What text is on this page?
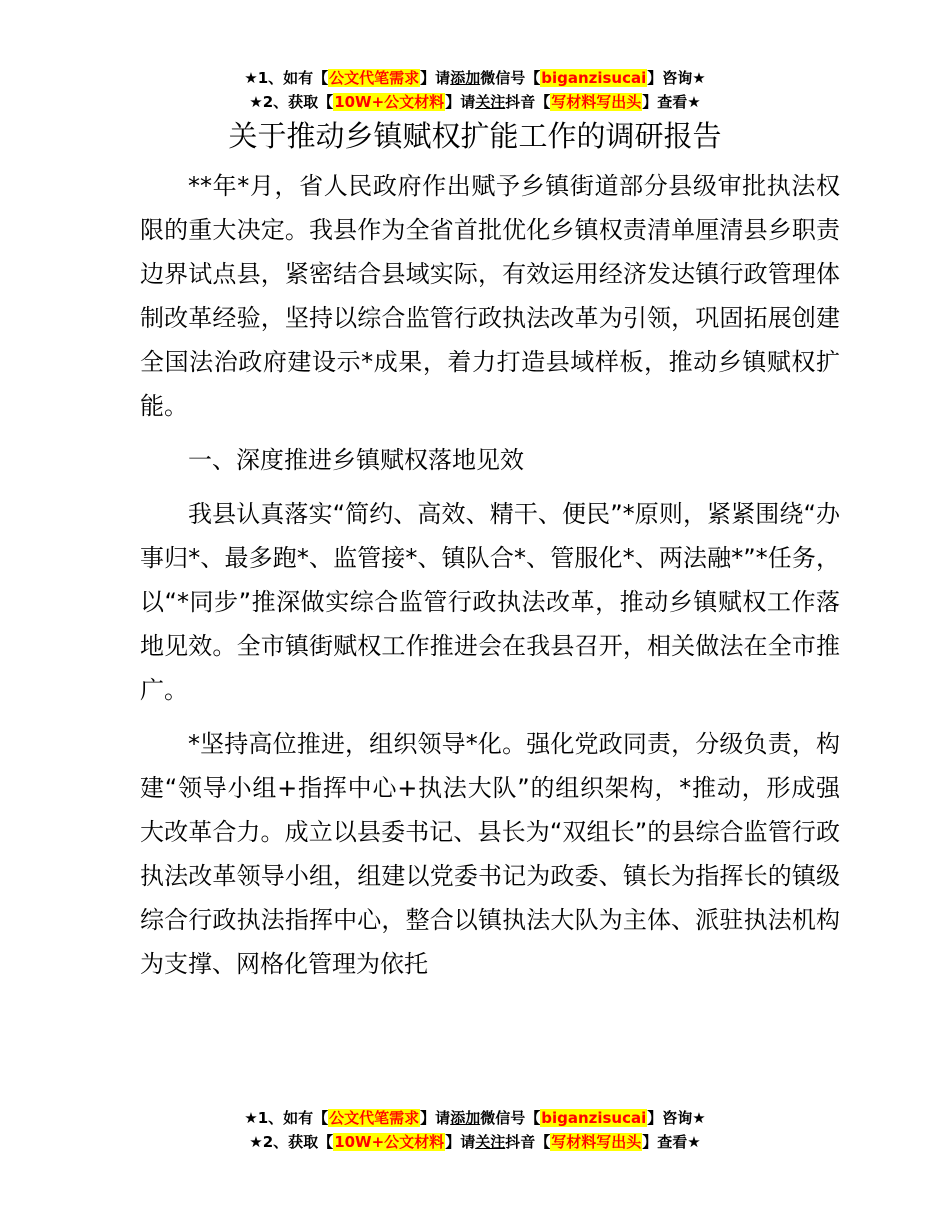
★1、如有【公文代笔需求】请添加微信号【biganzisucai】咨询★
★2、获取【10W+公文材料】请关注抖音【写材料写出头】查看★
关于推动乡镇赋权扩能工作的调研报告

**年*月，省人民政府作出赋予乡镇街道部分县级审批执法权限的重大决定。我县作为全省首批优化乡镇权责清单厘清县乡职责边界试点县，紧密结合县域实际，有效运用经济发达镇行政管理体制改革经验，坚持以综合监管行政执法改革为引领，巩固拓展创建全国法治政府建设示*成果，着力打造县域样板，推动乡镇赋权扩能。

一、深度推进乡镇赋权落地见效

我县认真落实“简约、高效、精干、便民”*原则，紧紧围绕“办事归*、最多跑*、监管接*、镇队合*、管服化*、两法融*”*任务，以“*同步”推深做实综合监管行政执法改革，推动乡镇赋权工作落地见效。全市镇街赋权工作推进会在我县召开，相关做法在全市推广。

*坚持高位推进，组织领导*化。强化党政同责，分级负责，构建“领导小组+指挥中心+执法大队”的组织架构，*推动，形成强大改革合力。成立以县委书记、县长为“双组长”的县综合监管行政执法改革领导小组，组建以党委书记为政委、镇长为指挥长的镇级综合行政执法指挥中心，整合以镇执法大队为主体、派驻执法机构为支撑、网格化管理为依托

★1、如有【公文代笔需求】请添加微信号【biganzisucai】咨询★
★2、获取【10W+公文材料】请关注抖音【写材料写出头】查看★
